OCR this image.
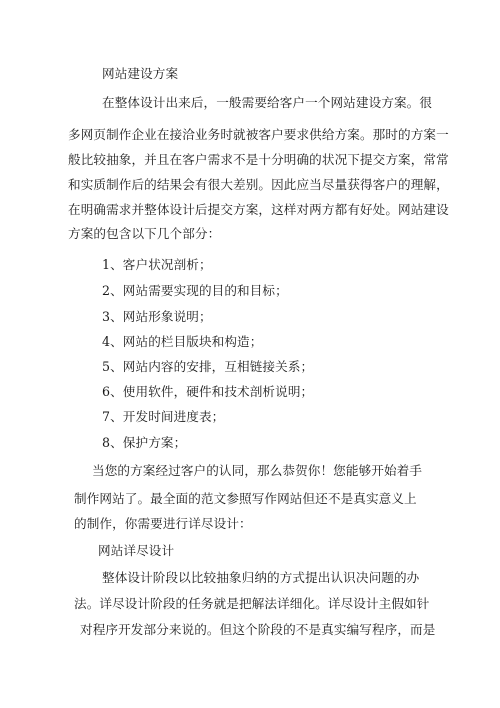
网站建设方案
在整体设计出来后，一般需要给客户一个网站建设方案。很
多网页制作企业在接洽业务时就被客户要求供给方案。那时的方案一
般比较抽象，并且在客户需求不是十分明确的状况下提交方案，常常
和实质制作后的结果会有很大差别。因此应当尽量获得客户的理解，
在明确需求并整体设计后提交方案，这样对两方都有好处。网站建设
方案的包含以下几个部分：
1、客户状况剖析；
2、网站需要实现的目的和目标；
3、网站形象说明；
4、网站的栏目版块和构造；
5、网站内容的安排，互相链接关系；
6、使用软件，硬件和技术剖析说明；
7、开发时间进度表；
8、保护方案；
当您的方案经过客户的认同，那么恭贺你！您能够开始着手
制作网站了。最全面的范文参照写作网站但还不是真实意义上
的制作，你需要进行详尽设计：
网站详尽设计
整体设计阶段以比较抽象归纳的方式提出认识决问题的办
法。详尽设计阶段的任务就是把解法详细化。详尽设计主假如针
对程序开发部分来说的。但这个阶段的不是真实编写程序，而是
